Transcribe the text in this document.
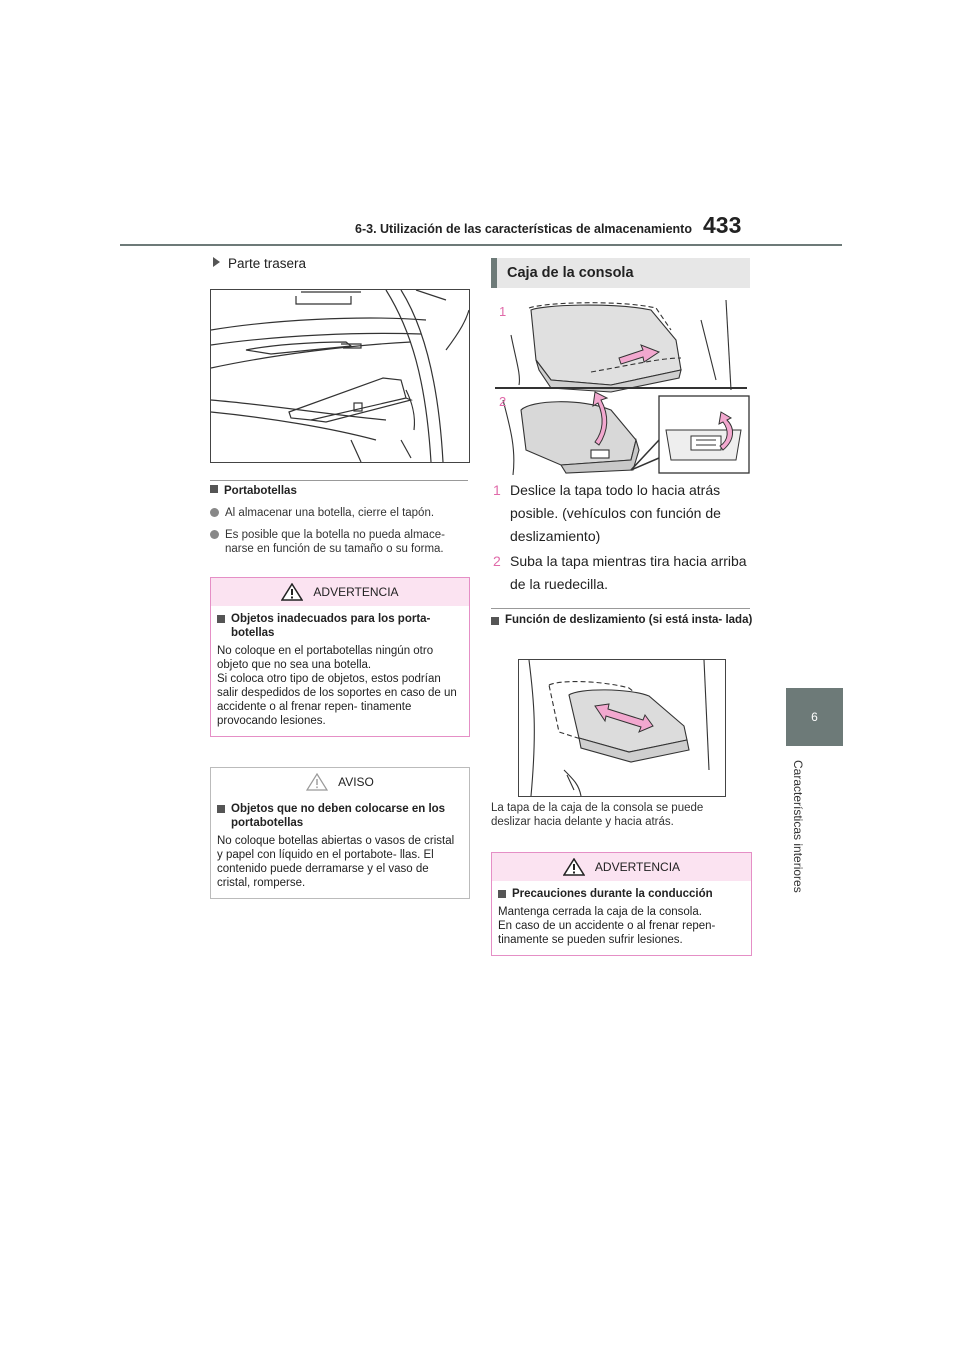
6-3. Utilización de las características de almacenamiento 433
6
Características interiores
Parte trasera
Portabotellas
Al almacenar una botella, cierre el tapón.
Es posible que la botella no pueda almace- narse en función de su tamaño o su forma.
ADVERTENCIA
Objetos inadecuados para los porta- botellas

No coloque en el portabotellas ningún otro objeto que no sea una botella.
Si coloca otro tipo de objetos, estos podrían salir despedidos de los soportes en caso de un accidente o al frenar repen- tinamente provocando lesiones.

AVISO
Objetos que no deben colocarse en los portabotellas

No coloque botellas abiertas o vasos de cristal y papel con líquido en el portabote- llas. El contenido puede derramarse y el vaso de cristal, romperse.

Caja de la consola
1
2
1 Deslice la tapa todo lo hacia atrás posible. (vehículos con función de deslizamiento)
2 Suba la tapa mientras tira hacia arriba de la ruedecilla.
Función de deslizamiento (si está insta- lada)
La tapa de la caja de la consola se puede
deslizar hacia delante y hacia atrás.
ADVERTENCIA
Precauciones durante la conducción

Mantenga cerrada la caja de la consola.
En caso de un accidente o al frenar repen- tinamente se pueden sufrir lesiones.
